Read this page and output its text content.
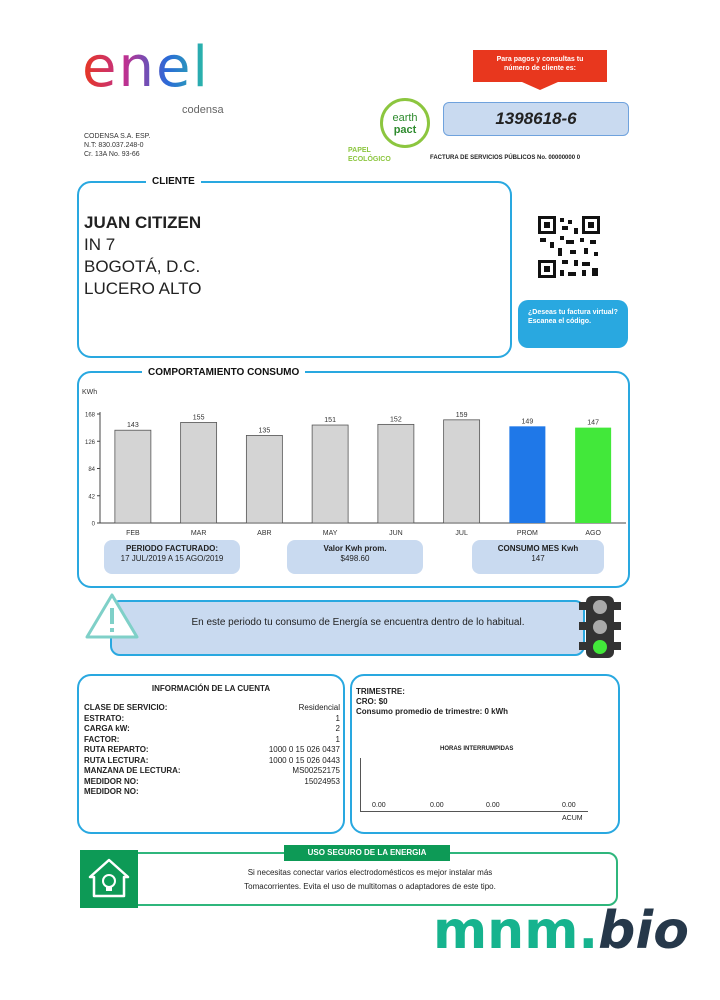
enel
codensa
CODENSA S.A. ESP.
N.T: 830.037.248-0
Cr. 13A No. 93-66
earth
pact
PAPEL
ECOLÓGICO
Para pagos y consultas tu número de cliente es:
1398618-6
FACTURA DE SERVICIOS PÚBLICOS No. 00000000 0
CLIENTE
JUAN CITIZEN
IN 7
BOGOTÁ, D.C.
LUCERO ALTO
¿Deseas tu factura virtual? Escanea el código.
COMPORTAMIENTO CONSUMO
KWh
168
126
84
42
0
143
FEB
155
MAR
135
ABR
151
MAY
152
JUN
159
JUL
149
PROM
147
AGO
PERIODO FACTURADO:
17 JUL/2019 A 15 AGO/2019
Valor Kwh prom.
$498.60
CONSUMO MES Kwh
147
En este periodo tu consumo de Energía se encuentra dentro de lo habitual.
INFORMACIÓN DE LA CUENTA
CLASE DE SERVICIO:	Residencial
ESTRATO:	1
CARGA kW:	2
FACTOR:	1
RUTA REPARTO:	1000 0 15 026 0437
RUTA LECTURA:	1000 0 15 026 0443
MANZANA DE LECTURA:	MS00252175
MEDIDOR NO:	15024953
MEDIDOR NO:
TRIMESTRE:
CRO: $0
Consumo promedio de trimestre: 0 kWh
HORAS INTERRUMPIDAS
0.00	0.00	0.00	0.00
ACUM
USO SEGURO DE LA ENERGIA
Si necesitas conectar varios electrodomésticos es mejor instalar más
Tomacorrientes. Evita el uso de multitomas o adaptadores de este tipo.
mnm.bio
